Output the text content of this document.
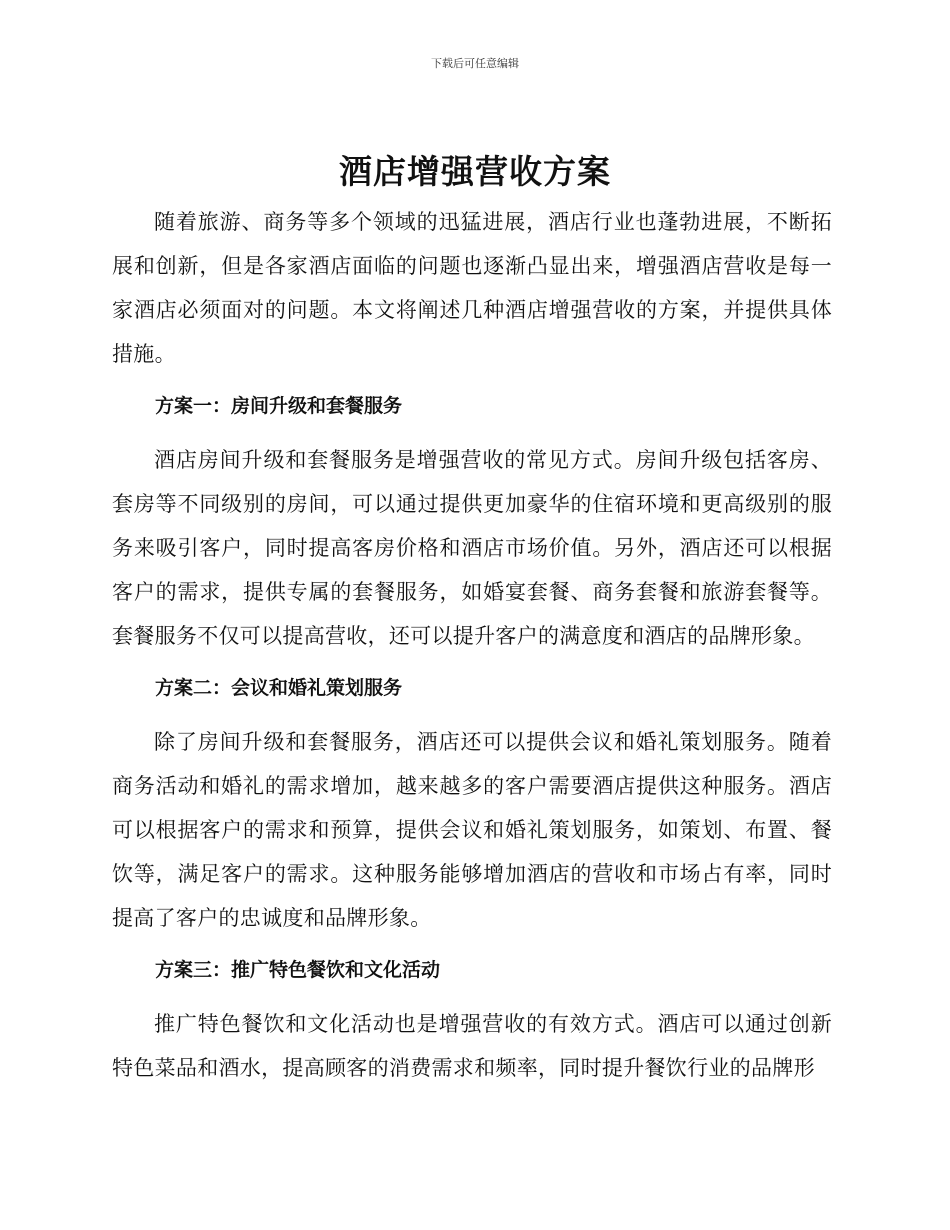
下载后可任意编辑
酒店增强营收方案

随着旅游、商务等多个领域的迅猛进展，酒店行业也蓬勃进展，不断拓展和创新，但是各家酒店面临的问题也逐渐凸显出来，增强酒店营收是每一家酒店必须面对的问题。本文将阐述几种酒店增强营收的方案，并提供具体措施。

方案一：房间升级和套餐服务

酒店房间升级和套餐服务是增强营收的常见方式。房间升级包括客房、套房等不同级别的房间，可以通过提供更加豪华的住宿环境和更高级别的服务来吸引客户，同时提高客房价格和酒店市场价值。另外，酒店还可以根据客户的需求，提供专属的套餐服务，如婚宴套餐、商务套餐和旅游套餐等。套餐服务不仅可以提高营收，还可以提升客户的满意度和酒店的品牌形象。

方案二：会议和婚礼策划服务

除了房间升级和套餐服务，酒店还可以提供会议和婚礼策划服务。随着商务活动和婚礼的需求增加，越来越多的客户需要酒店提供这种服务。酒店可以根据客户的需求和预算，提供会议和婚礼策划服务，如策划、布置、餐饮等，满足客户的需求。这种服务能够增加酒店的营收和市场占有率，同时提高了客户的忠诚度和品牌形象。

方案三：推广特色餐饮和文化活动

推广特色餐饮和文化活动也是增强营收的有效方式。酒店可以通过创新特色菜品和酒水，提高顾客的消费需求和频率，同时提升餐饮行业的品牌形
